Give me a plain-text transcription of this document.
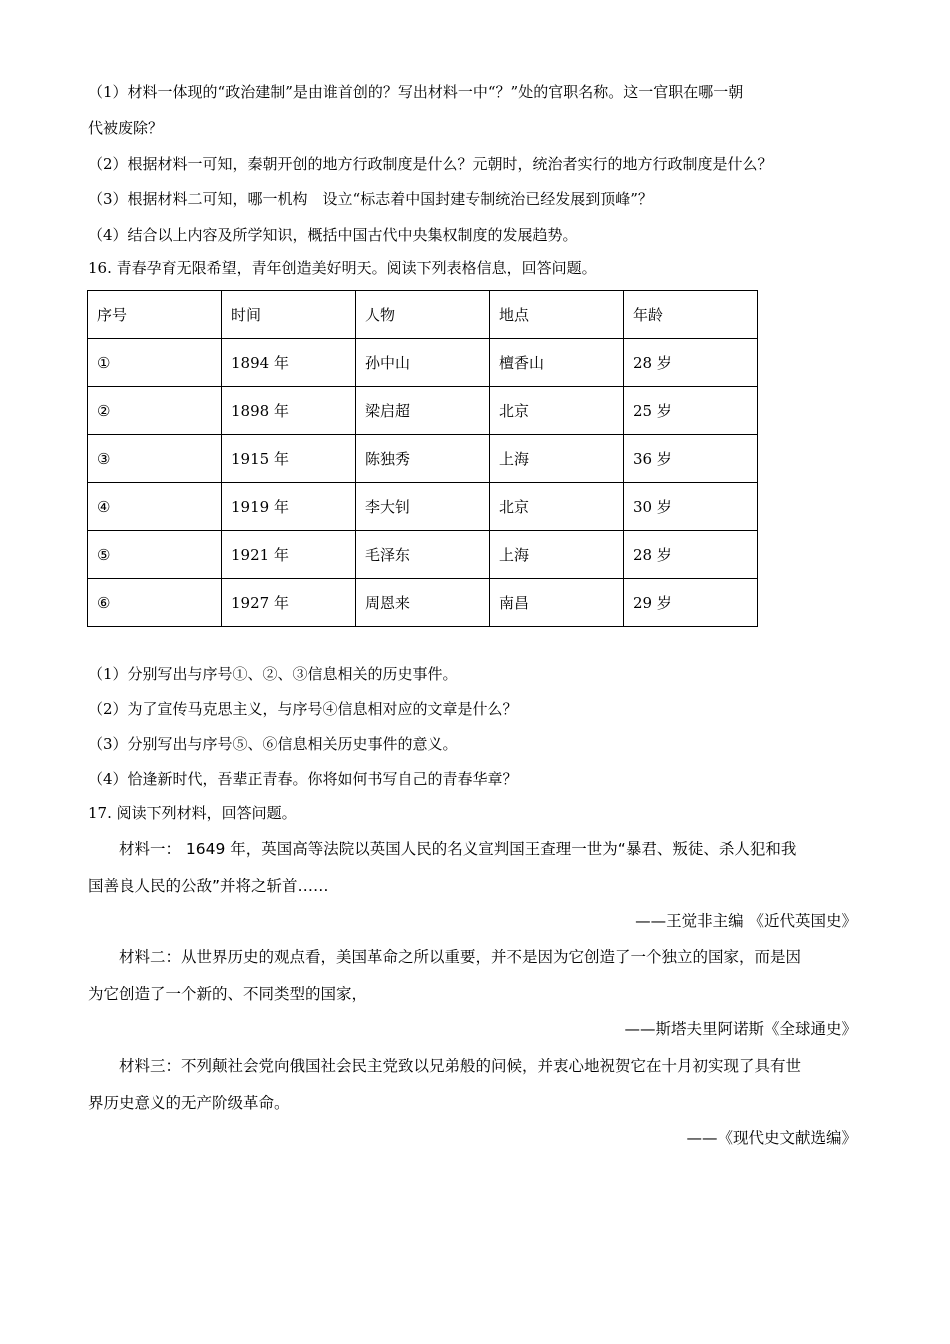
（1）材料一体现的“政治建制”是由谁首创的？写出材料一中“？”处的官职名称。这一官职在哪一朝
代被废除？
（2）根据材料一可知，秦朝开创的地方行政制度是什么？元朝时，统治者实行的地方行政制度是什么？
（3）根据材料二可知，哪一机构　设立“标志着中国封建专制统治已经发展到顶峰”？
（4）结合以上内容及所学知识，概括中国古代中央集权制度的发展趋势。
16. 青春孕育无限希望，青年创造美好明天。阅读下列表格信息，回答问题。
序号	时间	人物	地点	年龄
①	1894 年	孙中山	檀香山	28 岁
②	1898 年	梁启超	北京	25 岁
③	1915 年	陈独秀	上海	36 岁
④	1919 年	李大钊	北京	30 岁
⑤	1921 年	毛泽东	上海	28 岁
⑥	1927 年	周恩来	南昌	29 岁
（1）分别写出与序号①、②、③信息相关的历史事件。
（2）为了宣传马克思主义，与序号④信息相对应的文章是什么？
（3）分别写出与序号⑤、⑥信息相关历史事件的意义。
（4）恰逢新时代，吾辈正青春。你将如何书写自己的青春华章？
17. 阅读下列材料，回答问题。
材料一： 1649 年，英国高等法院以英国人民的名义宣判国王查理一世为“暴君、叛徒、杀人犯和我
国善良人民的公敌”并将之斩首……
——王觉非主编 《近代英国史》
材料二：从世界历史的观点看，美国革命之所以重要，并不是因为它创造了一个独立的国家，而是因
为它创造了一个新的、不同类型的国家，
——斯塔夫里阿诺斯《全球通史》
材料三：不列颠社会党向俄国社会民主党致以兄弟般的问候，并衷心地祝贺它在十月初实现了具有世
界历史意义的无产阶级革命。
——《现代史文献选编》
